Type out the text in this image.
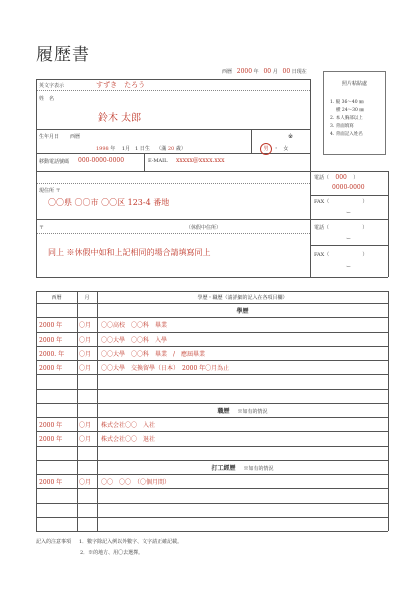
履歷書
西曆 2000 年 00 月 00 日現在
照片粘貼處
1. 縦 36～40 ㎜
横 24～30 ㎜
2. 本人胸部以上
3. 背面填寫
4. 背面記入姓名
英文字表示	すずき　たろう
姓　名
鈴木 太郎
生年月日 西曆
1998 年　 1月　1 日生 （滿 20 歲）
※
男 ・ 女
移動電話號碼 000-0000-0000	E-MAIL xxxxx@xxxx.xxx
現住所 〒
〇〇県 〇〇市 〇〇区 123-4 番地
電話（ 000 ）
0000-0000
FAX（	）
ー
〒	（休假中住所）
同上 ※休假中如和上記相同的場合請填寫同上
電話（	）
ー
FAX（	）
ー
西曆	月	學歷・職歷（請詳細的記入在各項目欄）
學歷
2000 年	〇月 〇〇高校　〇〇科　畢業
2000 年	〇月 〇〇大學　〇〇科　入學
2000. 年 〇月 〇〇大學　〇〇科　畢業　/　應屆畢業
2000 年	〇月 〇〇大學　交換留學（日本）　2000 年〇月為止
職歷 ※如有的情況
2000 年	〇月 株式会社〇〇　入社
2000 年	〇月 株式会社〇〇　退社
打工經歷 ※如有的情況
2000 年	〇月 〇〇　〇〇　（〇個月間）
記入的注意事項 1．數字除記入例以外數字、文字請正確記載。
2．※的地方、用〇去選擇。
